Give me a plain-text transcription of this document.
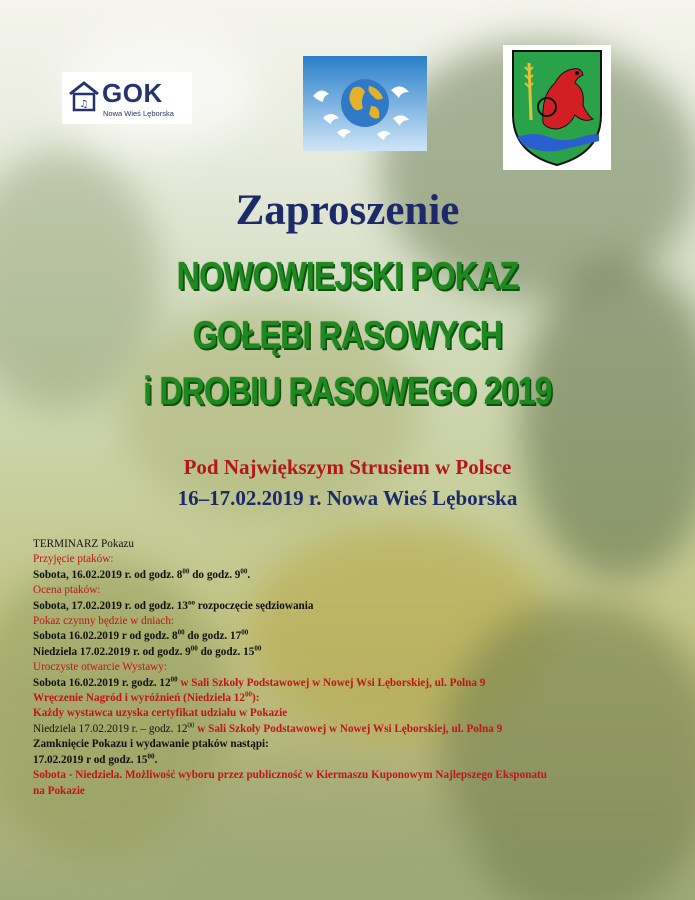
♫ GOK
Nowa Wieś Lęborska
Zaproszenie
NOWOWIEJSKI POKAZ
GOŁĘBI RASOWYCH
i DROBIU RASOWEGO 2019
Pod Największym Strusiem w Polsce
16–17.02.2019 r. Nowa Wieś Lęborska
TERMINARZ Pokazu
Przyjęcie ptaków:
Sobota, 16.02.2019 r. od godz. $8^{00}$ do godz. $9^{00}$.
Ocena ptaków:
Sobota, 17.02.2019 r. od godz. $13^{oo}$ rozpoczęcie sędziowania
Pokaz czynny będzie w dniach:
Sobota 16.02.2019 r od godz. $8^{00}$ do godz. $17^{00}$
Niedziela 17.02.2019 r. od godz. $9^{00}$ do godz. $15^{00}$
Uroczyste otwarcie Wystawy:
Sobota 16.02.2019 r. godz. $12^{00}$ w Sali Szkoły Podstawowej w Nowej Wsi Lęborskiej, ul. Polna 9
Wręczenie Nagród i wyróżnień (Niedziela $12^{00}$):
Każdy wystawca uzyska certyfikat udziału w Pokazie
Niedziela 17.02.2019 r. – godz. $12^{00}$ w Sali Szkoły Podstawowej w Nowej Wsi Lęborskiej, ul. Polna 9
Zamknięcie Pokazu i wydawanie ptaków nastąpi:
17.02.2019 r od godz. $15^{00}$.
Sobota - Niedziela. Możliwość wyboru przez publiczność w Kiermaszu Kuponowym Najlepszego Eksponatu
na Pokazie
